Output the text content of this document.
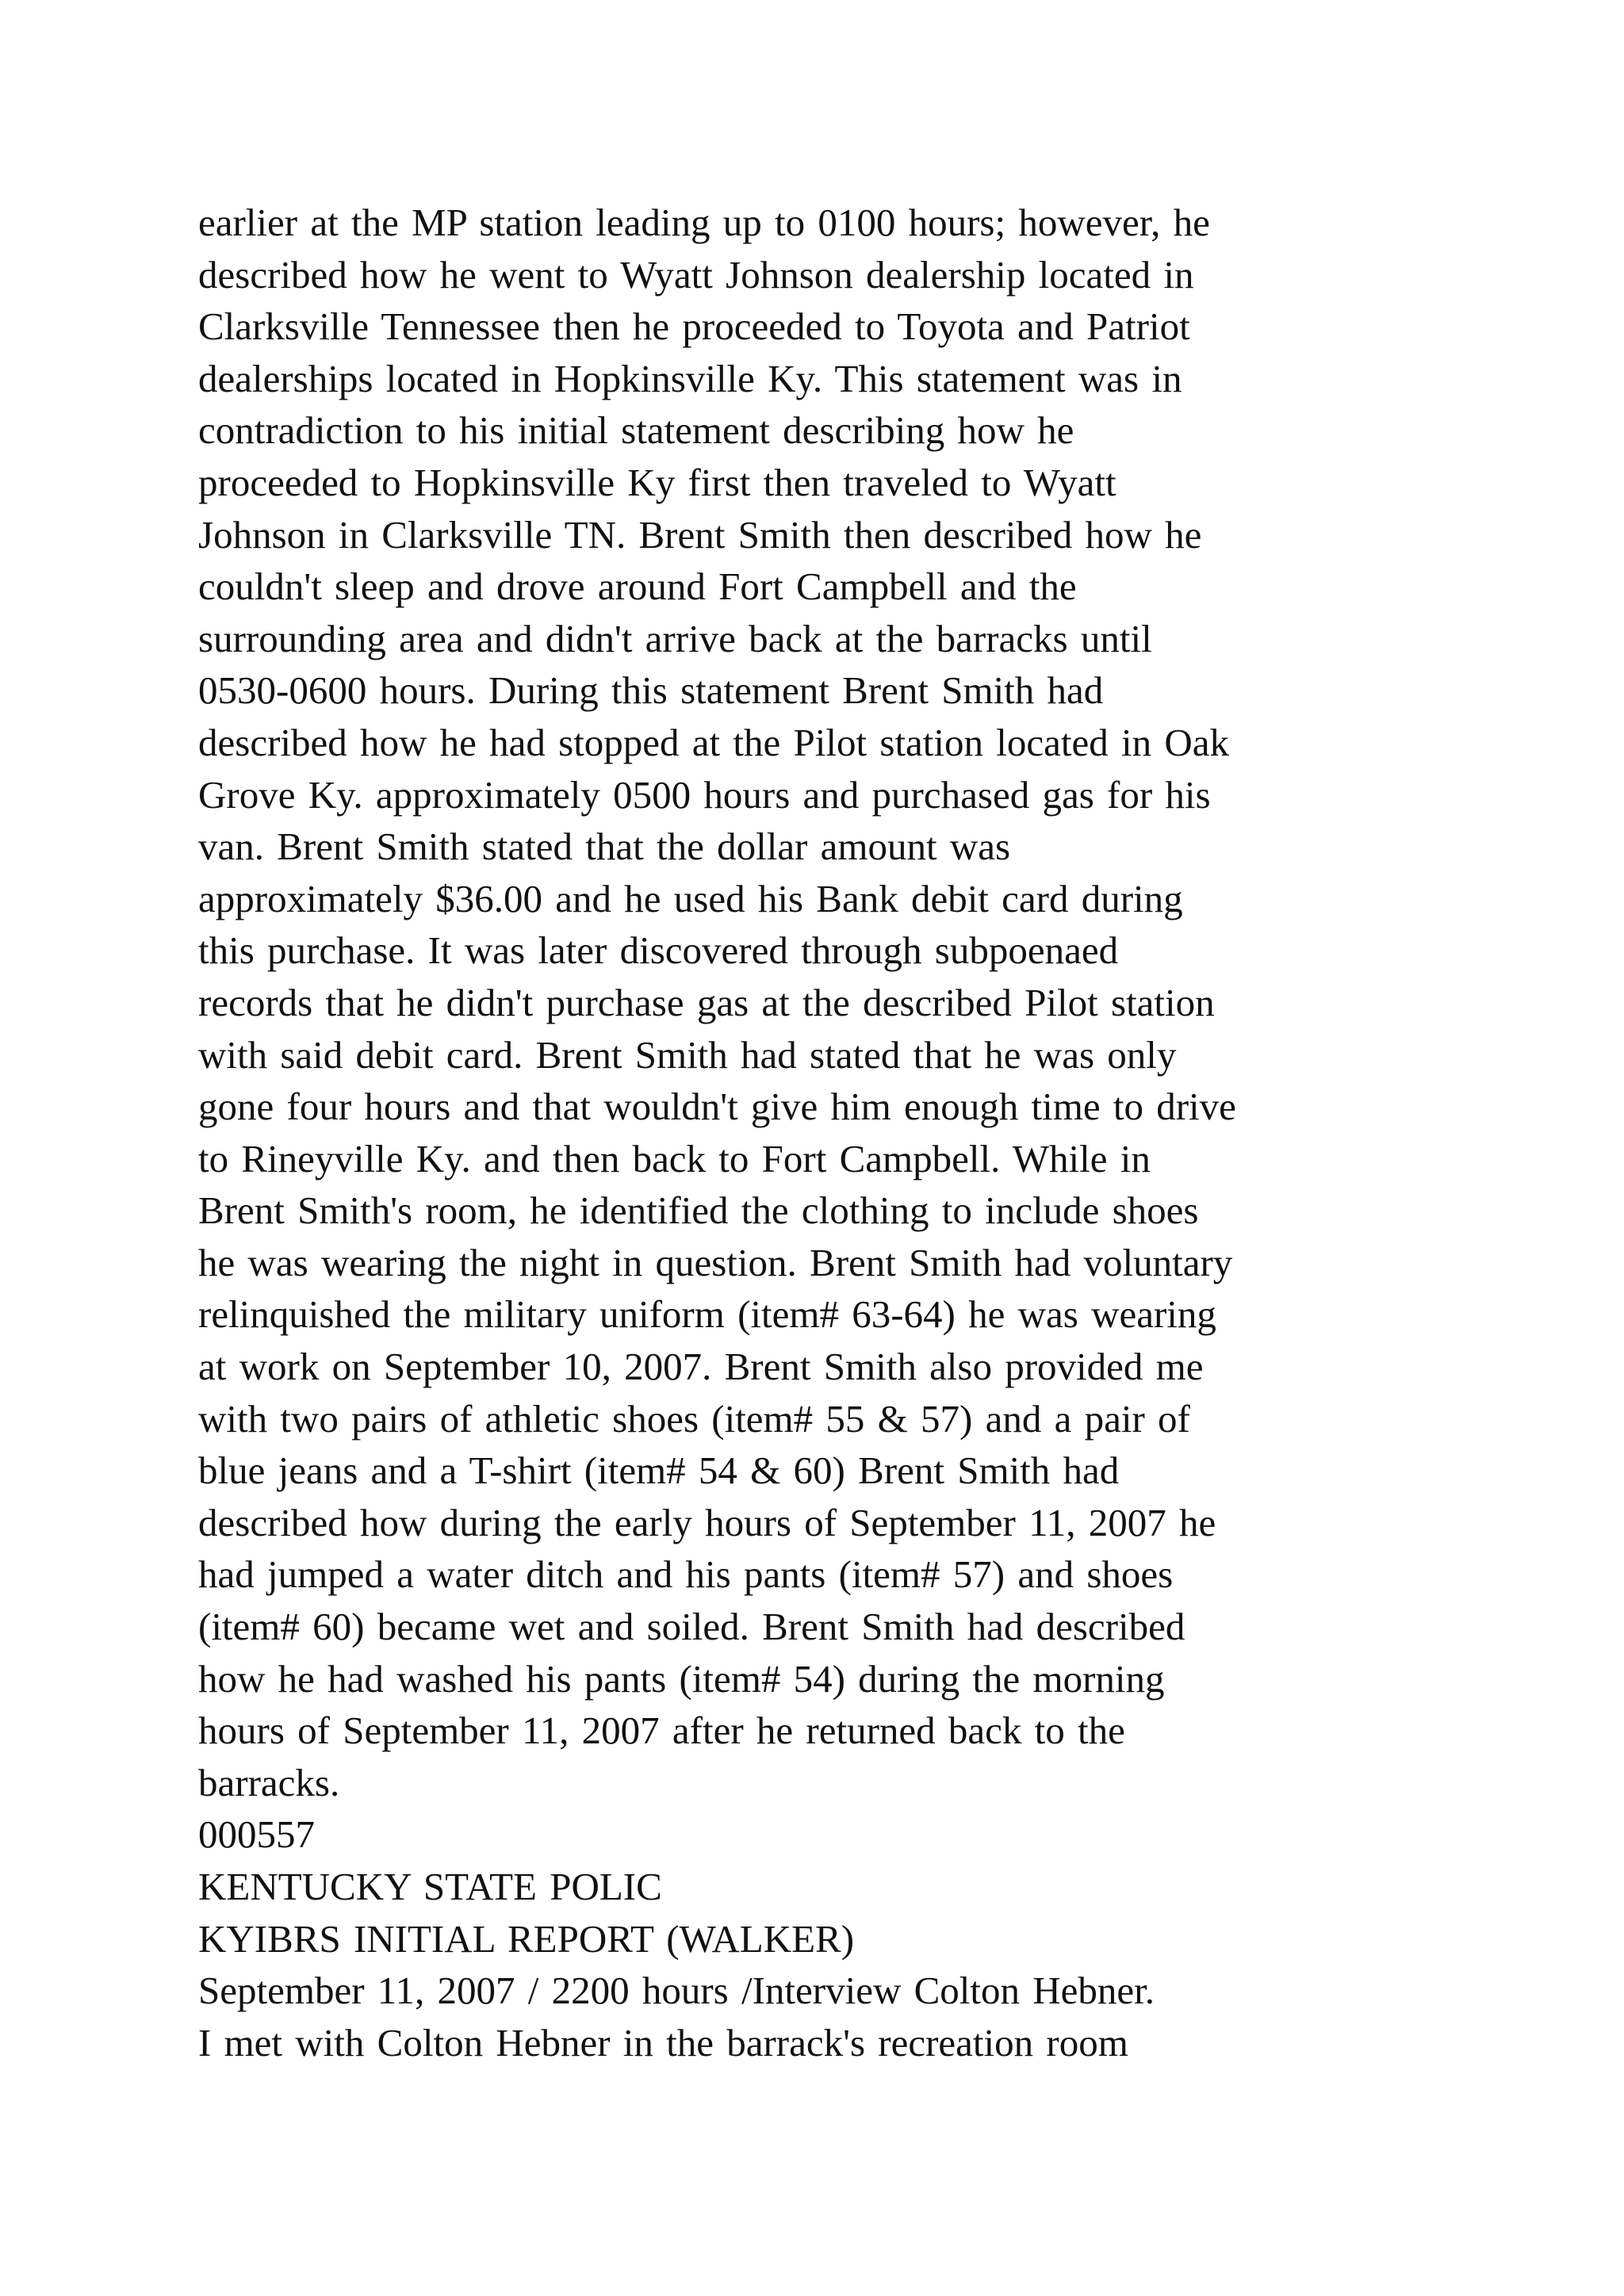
earlier at the MP station leading up to 0100 hours; however, he
described how he went to Wyatt Johnson dealership located in
Clarksville Tennessee then he proceeded to Toyota and Patriot
dealerships located in Hopkinsville Ky. This statement was in
contradiction to his initial statement describing how he
proceeded to Hopkinsville Ky first then traveled to Wyatt
Johnson in Clarksville TN. Brent Smith then described how he
couldn't sleep and drove around Fort Campbell and the
surrounding area and didn't arrive back at the barracks until
0530-0600 hours. During this statement Brent Smith had
described how he had stopped at the Pilot station located in Oak
Grove Ky. approximately 0500 hours and purchased gas for his
van. Brent Smith stated that the dollar amount was
approximately $36.00 and he used his Bank debit card during
this purchase. It was later discovered through subpoenaed
records that he didn't purchase gas at the described Pilot station
with said debit card. Brent Smith had stated that he was only
gone four hours and that wouldn't give him enough time to drive
to Rineyville Ky. and then back to Fort Campbell. While in
Brent Smith's room, he identified the clothing to include shoes
he was wearing the night in question. Brent Smith had voluntary
relinquished the military uniform (item# 63-64) he was wearing
at work on September 10, 2007. Brent Smith also provided me
with two pairs of athletic shoes (item# 55 & 57) and a pair of
blue jeans and a T-shirt (item# 54 & 60) Brent Smith had
described how during the early hours of September 11, 2007 he
had jumped a water ditch and his pants (item# 57) and shoes
(item# 60) became wet and soiled. Brent Smith had described
how he had washed his pants (item# 54) during the morning
hours of September 11, 2007 after he returned back to the
barracks.
000557
KENTUCKY STATE POLIC
KYIBRS INITIAL REPORT (WALKER)
September 11, 2007 / 2200 hours /Interview Colton Hebner.
I met with Colton Hebner in the barrack's recreation room
